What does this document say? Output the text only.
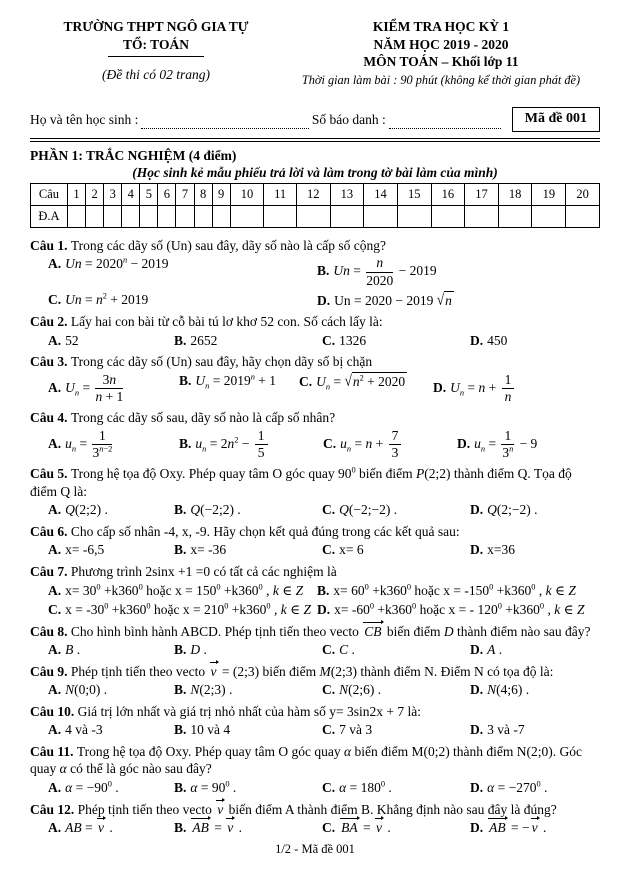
TRƯỜNG THPT NGÔ GIA TỰ
TỔ: TOÁN
(Đề thi có 02 trang)
KIỂM TRA HỌC KỲ 1
NĂM HỌC 2019 - 2020
MÔN TOÁN – Khối lớp 11
Thời gian làm bài : 90 phút (không kể thời gian phát đề)
Họ và tên học sinh :	Số báo danh :	Mã đề 001
PHẦN 1: TRẮC NGHIỆM (4 điểm)
(Học sinh kẻ mẫu phiếu trả lời và làm trong tờ bài làm của mình)
Câu	1	2	3	4	5	6	7	8	9	10	11	12	13	14	15	16	17	18	19	20
Đ.A																				
Câu 1. Trong các dãy số (Un) sau đây, dãy số nào là cấp số cộng?
A. $Un = 2020^n - 2019$	B. $Un = \frac{n}{2020} - 2019$
C. $Un = n^2 + 2019$	D. Un = 2020 − 2019 √n
Câu 2. Lấy hai con bài từ cỗ bài tú lơ khơ 52 con. Số cách lấy là:
A. 52	B. 2652	C. 1326	D. 450
Câu 3. Trong các dãy số (Un) sau đây, hãy chọn dãy số bị chặn
A. $U_n = \frac{3n}{n + 1}$	B. $U_n = 2019^n + 1$	C. $U_n = √n^2 + 2020$	D. $U_n = n + \frac{1}{n}$
Câu 4. Trong các dãy số sau, dãy số nào là cấp số nhân?
A. $u_n = \frac{1}{3^{n-2}}$	B. $u_n = 2n^2 - \frac{1}{5}$	C. $u_n = n + \frac{7}{3}$	D. $u_n = \frac{1}{3^n} - 9$
Câu 5. Trong hệ tọa độ Oxy. Phép quay tâm O góc quay $90^0$ biến điểm P(2;2) thành điểm Q. Tọa độ điểm Q là:
A. Q(2;2) .	B. Q(−2;2) .	C. Q(−2;−2) .	D. Q(2;−2) .
Câu 6. Cho cấp số nhân -4, x, -9. Hãy chọn kết quả đúng trong các kết quả sau:
A. x= -6,5	B. x= -36	C. x= 6	D. x=36
Câu 7. Phương trình 2sinx +1 =0 có tất cả các nghiệm là
A. $x= 30^0 +k360^0$ hoặc $x = 150^0 +k360^0$ , k ∈ Z	B. $x= 60^0 +k360^0$ hoặc $x = -150^0 +k360^0$ , k ∈ Z
C. $x = -30^0 +k360^0$ hoặc $x = 210^0 +k360^0$ , k ∈ Z D. $x= -60^0 +k360^0$ hoặc x = - $120^0 +k360^0$ , k ∈ Z
Câu 8. Cho hình bình hành ABCD. Phép tịnh tiến theo vecto CB biến điểm D thành điểm nào sau đây?
A. B .	B. D .	C. C .	D. A .
Câu 9. Phép tịnh tiến theo vecto v = (2;3) biến điểm M(2;3) thành điểm N. Điểm N có tọa độ là:
A. N(0;0) .	B. N(2;3) .	C. N(2;6) .	D. N(4;6) .
Câu 10. Giá trị lớn nhất và giá trị nhỏ nhất của hàm số y= 3sin2x + 7 là:
A. 4 và -3	B. 10 và 4	C. 7 và 3	D. 3 và -7
Câu 11. Trong hệ tọa độ Oxy. Phép quay tâm O góc quay α biến điểm M(0;2) thành điểm N(2;0). Góc quay α có thể là góc nào sau đây?
A. $\alpha = -90^0$ .	B. $\alpha = 90^0$ .	C. $\alpha = 180^0$ .	D. $\alpha = -270^0$ .
Câu 12. Phép tịnh tiến theo vecto v biến điểm A thành điểm B. Khẳng định nào sau đây là đúng?
A. AB = v .	B. AB = v .	C. BA = v .	D. AB = − v .
1/2 - Mã đề 001
